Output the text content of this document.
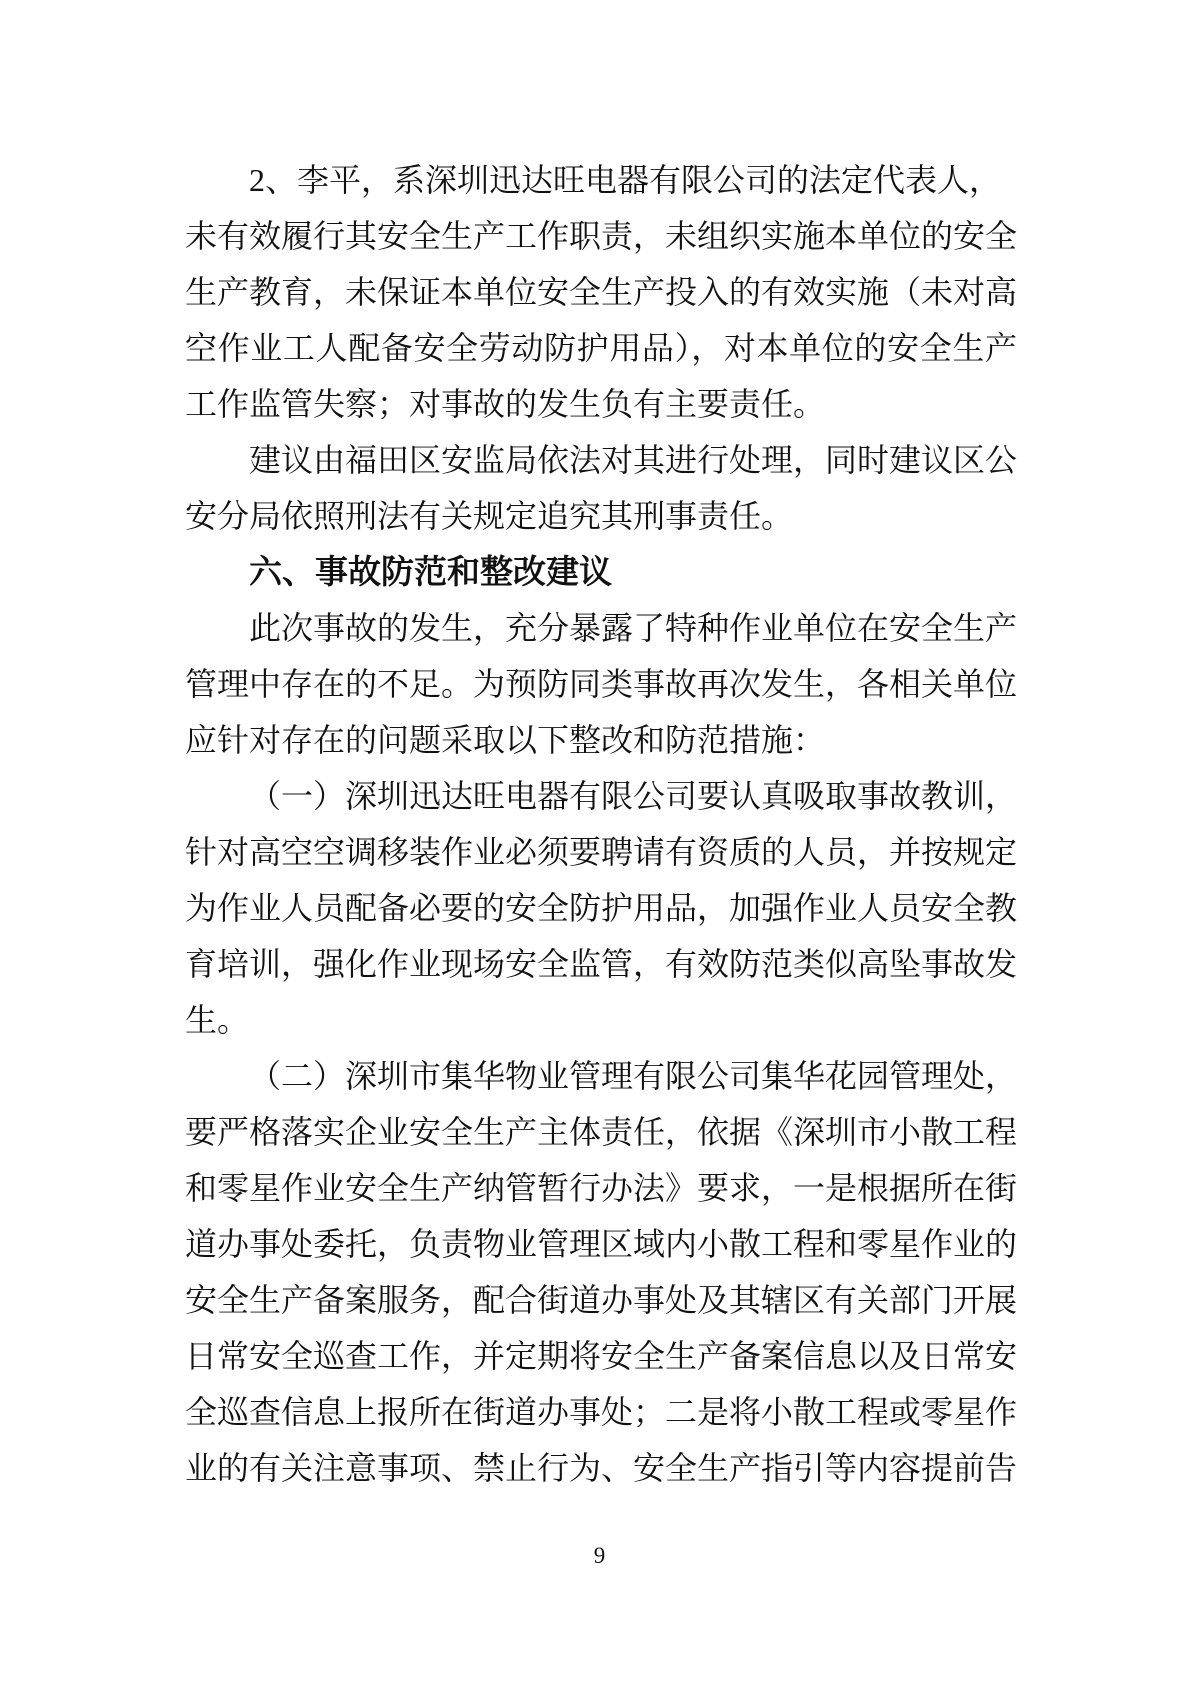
2、李平，系深圳迅达旺电器有限公司的法定代表人，
未有效履行其安全生产工作职责，未组织实施本单位的安全
生产教育，未保证本单位安全生产投入的有效实施（未对高
空作业工人配备安全劳动防护用品），对本单位的安全生产
工作监管失察；对事故的发生负有主要责任。
建议由福田区安监局依法对其进行处理，同时建议区公
安分局依照刑法有关规定追究其刑事责任。
六、事故防范和整改建议
此次事故的发生，充分暴露了特种作业单位在安全生产
管理中存在的不足。为预防同类事故再次发生，各相关单位
应针对存在的问题采取以下整改和防范措施：
（一）深圳迅达旺电器有限公司要认真吸取事故教训，
针对高空空调移装作业必须要聘请有资质的人员，并按规定
为作业人员配备必要的安全防护用品，加强作业人员安全教
育培训，强化作业现场安全监管，有效防范类似高坠事故发
生。
（二）深圳市集华物业管理有限公司集华花园管理处，
要严格落实企业安全生产主体责任，依据《深圳市小散工程
和零星作业安全生产纳管暂行办法》要求，一是根据所在街
道办事处委托，负责物业管理区域内小散工程和零星作业的
安全生产备案服务，配合街道办事处及其辖区有关部门开展
日常安全巡查工作，并定期将安全生产备案信息以及日常安
全巡查信息上报所在街道办事处；二是将小散工程或零星作
业的有关注意事项、禁止行为、安全生产指引等内容提前告
9
